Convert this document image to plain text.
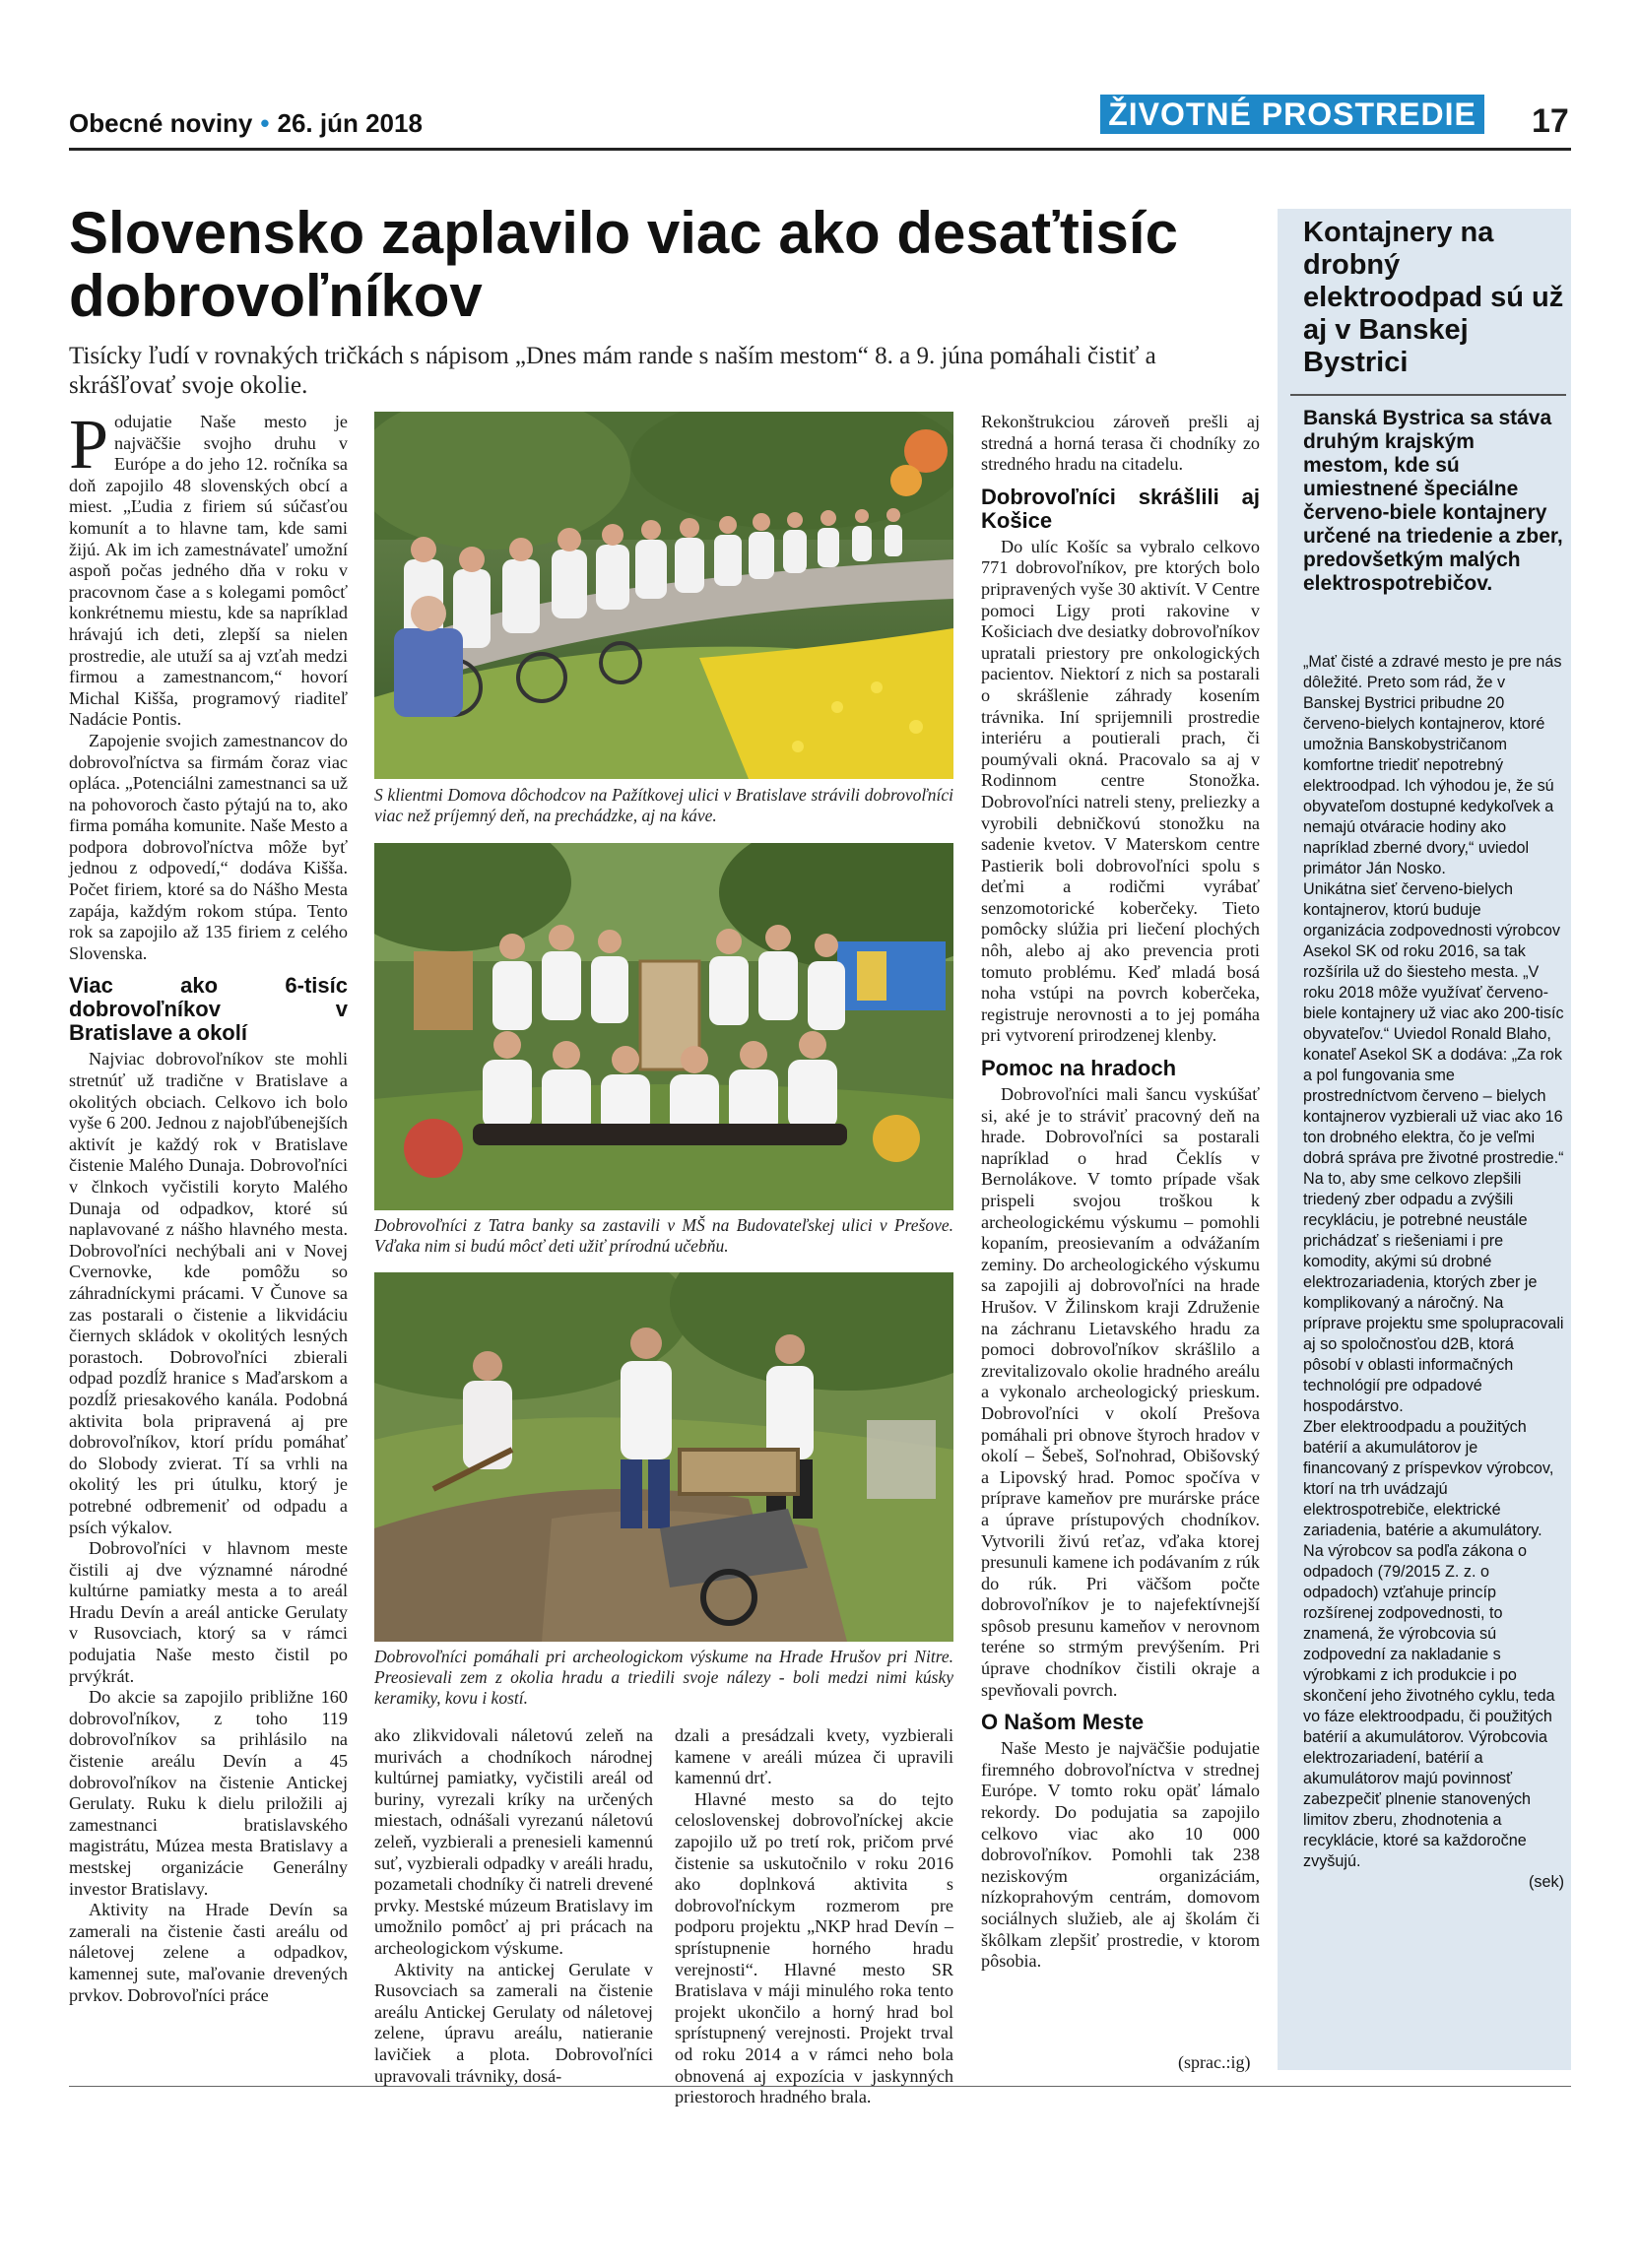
Obecné noviny • 26. jún 2018	ŽIVOTNÉ PROSTREDIE 17
Slovensko zaplavilo viac ako desaťtisíc dobrovoľníkov
Tisícky ľudí v rovnakých tričkách s nápisom „Dnes mám rande s naším mestom“ 8. a 9. júna pomáhali čistiť a skrášľovať svoje okolie.

Podujatie Naše mesto je najväčšie svojho druhu v Európe a do jeho 12. ročníka sa doň zapojilo 48 slovenských obcí a miest. „Ľudia z firiem sú súčasťou komunít a to hlavne tam, kde sami žijú. Ak im ich zamestnávateľ umožní aspoň počas jedného dňa v roku v pracovnom čase a s kolegami pomôcť konkrétnemu miestu, kde sa napríklad hrávajú ich deti, zlepší sa nielen prostredie, ale utuží sa aj vzťah medzi firmou a zamestnancom,“ hovorí Michal Kišša, programový riaditeľ Nadácie Pontis.

Zapojenie svojich zamestnancov do dobrovoľníctva sa firmám čoraz viac opláca. „Potenciálni zamestnanci sa už na pohovoroch často pýtajú na to, ako firma pomáha komunite. Naše Mesto a podpora dobrovoľníctva môže byť jednou z odpovedí,“ dodáva Kišša. Počet firiem, ktoré sa do Nášho Mesta zapája, každým rokom stúpa. Tento rok sa zapojilo až 135 firiem z celého Slovenska.

Viac ako 6-tisíc dobrovoľníkov v Bratislave a okolí

Najviac dobrovoľníkov ste mohli stretnúť už tradične v Bratislave a okolitých obciach. Celkovo ich bolo vyše 6 200. Jednou z najobľúbenejších aktivít je každý rok v Bratislave čistenie Malého Dunaja. Dobrovoľníci v člnkoch vyčistili koryto Malého Dunaja od odpadkov, ktoré sú naplavované z nášho hlavného mesta. Dobrovoľníci nechýbali ani v Novej Cvernovke, kde pomôžu so záhradníckymi prácami. V Čunove sa zas postarali o čistenie a likvidáciu čiernych skládok v okolitých lesných porastoch. Dobrovoľníci zbierali odpad pozdĺž hranice s Maďarskom a pozdĺž priesakového kanála. Podobná aktivita bola pripravená aj pre dobrovoľníkov, ktorí prídu pomáhať do Slobody zvierat. Tí sa vrhli na okolitý les pri útulku, ktorý je potrebné odbremeniť od odpadu a psích výkalov.

Dobrovoľníci v hlavnom meste čistili aj dve významné národné kultúrne pamiatky mesta a to areál Hradu Devín a areál anticke Gerulaty v Rusovciach, ktorý sa v rámci podujatia Naše mesto čistil po prvýkrát.

Do akcie sa zapojilo približne 160 dobrovoľníkov, z toho 119 dobrovoľníkov sa prihlásilo na čistenie areálu Devín a 45 dobrovoľníkov na čistenie Antickej Gerulaty. Ruku k dielu priložili aj zamestnanci bratislavského magistrátu, Múzea mesta Bratislavy a mestskej organizácie Generálny investor Bratislavy.

Aktivity na Hrade Devín sa zamerali na čistenie časti areálu od náletovej zelene a odpadkov, kamennej sute, maľovanie drevených prvkov. Dobrovoľníci práce

S klientmi Domova dôchodcov na Pažítkovej ulici v Bratislave strávili dobrovoľníci viac než príjemný deň, na prechádzke, aj na káve.
Dobrovoľníci z Tatra banky sa zastavili v MŠ na Budovateľskej ulici v Prešove. Vďaka nim si budú môcť deti užiť prírodnú učebňu.
Dobrovoľníci pomáhali pri archeologickom výskume na Hrade Hrušov pri Nitre. Preosievali zem z okolia hradu a triedili svoje nálezy - boli medzi nimi kúsky keramiky, kovu i kostí.

ako zlikvidovali náletovú zeleň na murivách a chodníkoch národnej kultúrnej pamiatky, vyčistili areál od buriny, vyrezali kríky na určených miestach, odnášali vyrezanú náletovú zeleň, vyzbierali a prenesieli kamennú suť, vyzbierali odpadky v areáli hradu, pozametali chodníky či natreli drevené prvky. Mestské múzeum Bratislavy im umožnilo pomôcť aj pri prácach na archeologickom výskume.

Aktivity na antickej Gerulate v Rusovciach sa zamerali na čistenie areálu Antickej Gerulaty od náletovej zelene, úpravu areálu, natieranie lavičiek a plota. Dobrovoľníci upravovali trávniky, dosá-

dzali a presádzali kvety, vyzbierali kamene v areáli múzea či upravili kamennú drť.

Hlavné mesto sa do tejto celoslovenskej dobrovoľníckej akcie zapojilo už po tretí rok, pričom prvé čistenie sa uskutočnilo v roku 2016 ako doplnková aktivita s dobrovoľníckym rozmerom pre podporu projektu „NKP hrad Devín – sprístupnenie horného hradu verejnosti“. Hlavné mesto SR Bratislava v máji minulého roka tento projekt ukončilo a horný hrad bol sprístupnený verejnosti. Projekt trval od roku 2014 a v rámci neho bola obnovená aj expozícia v jaskynných priestoroch hradného brala.

Rekonštrukciou zároveň prešli aj stredná a horná terasa či chodníky zo stredného hradu na citadelu.

Dobrovoľníci skrášlili aj Košice

Do ulíc Košíc sa vybralo celkovo 771 dobrovoľníkov, pre ktorých bolo pripravených vyše 30 aktivít. V Centre pomoci Ligy proti rakovine v Košiciach dve desiatky dobrovoľníkov upratali priestory pre onkologických pacientov. Niektorí z nich sa postarali o skrášlenie záhrady kosením trávnika. Iní sprijemnili prostredie interiéru a poutierali prach, či poumývali okná. Pracovalo sa aj v Rodinnom centre Stonožka. Dobrovoľníci natreli steny, preliezky a vyrobili debničkovú stonožku na sadenie kvetov. V Materskom centre Pastierik boli dobrovoľníci spolu s deťmi a rodičmi vyrábať senzomotorické koberčeky. Tieto pomôcky slúžia pri liečení plochých nôh, alebo aj ako prevencia proti tomuto problému. Keď mladá bosá noha vstúpi na povrch koberčeka, registruje nerovnosti a to jej pomáha pri vytvorení prirodzenej klenby.

Pomoc na hradoch

Dobrovoľníci mali šancu vyskúšať si, aké je to stráviť pracovný deň na hrade. Dobrovoľníci sa postarali napríklad o hrad Čeklís v Bernolákove. V tomto prípade však prispeli svojou troškou k archeologickému výskumu – pomohli kopaním, preosievaním a odvážaním zeminy. Do archeologického výskumu sa zapojili aj dobrovoľníci na hrade Hrušov. V Žilinskom kraji Združenie na záchranu Lietavského hradu za pomoci dobrovoľníkov skrášlilo a zrevitalizovalo okolie hradného areálu a vykonalo archeologický prieskum. Dobrovoľníci v okolí Prešova pomáhali pri obnove štyroch hradov v okolí – Šebeš, Soľnohrad, Obišovský a Lipovský hrad. Pomoc spočíva v príprave kameňov pre murárske práce a úprave prístupových chodníkov. Vytvorili živú reťaz, vďaka ktorej presunuli kamene ich podávaním z rúk do rúk. Pri väčšom počte dobrovoľníkov je to najefektívnejší spôsob presunu kameňov v nerovnom teréne so strmým prevýšením. Pri úprave chodníkov čistili okraje a spevňovali povrch.

O Našom Meste

Naše Mesto je najväčšie podujatie firemného dobrovoľníctva v strednej Európe. V tomto roku opäť lámalo rekordy. Do podujatia sa zapojilo celkovo viac ako 10 000 dobrovoľníkov. Pomohli tak 238 neziskovým organizáciám, nízkoprahovým centrám, domovom sociálnych služieb, ale aj školám či škôlkam zlepšiť prostredie, v ktorom pôsobia.

(sprac.:ig)
Kontajnery na drobný elektroodpad sú už aj v Banskej Bystrici
Banská Bystrica sa stáva druhým krajským mestom, kde sú umiestnené špeciálne červeno-biele kontajnery určené na triedenie a zber, predovšetkým malých elektrospotrebičov.

„Mať čisté a zdravé mesto je pre nás dôležité. Preto som rád, že v Banskej Bystrici pribudne 20 červeno-bielych kontajnerov, ktoré umožnia Banskobystričanom komfortne triediť nepotrebný elektroodpad. Ich výhodou je, že sú obyvateľom dostupné kedykoľvek a nemajú otváracie hodiny ako napríklad zberné dvory,“ uviedol primátor Ján Nosko.

Unikátna sieť červeno-bielych kontajnerov, ktorú buduje organizácia zodpovednosti výrobcov Asekol SK od roku 2016, sa tak rozšírila už do šiesteho mesta. „V roku 2018 môže využívať červeno-biele kontajnery už viac ako 200-tisíc obyvateľov.“ Uviedol Ronald Blaho, konateľ Asekol SK a dodáva: „Za rok a pol fungovania sme prostredníctvom červeno – bielych kontajnerov vyzbierali už viac ako 16 ton drobného elektra, čo je veľmi dobrá správa pre životné prostredie.“

Na to, aby sme celkovo zlepšili triedený zber odpadu a zvýšili recykláciu, je potrebné neustále prichádzať s riešeniami i pre komodity, akými sú drobné elektrozariadenia, ktorých zber je komplikovaný a náročný. Na príprave projektu sme spolupracovali aj so spoločnosťou d2B, ktorá pôsobí v oblasti informačných technológií pre odpadové hospodárstvo.

Zber elektroodpadu a použitých batérií a akumulátorov je financovaný z príspevkov výrobcov, ktorí na trh uvádzajú elektrospotrebiče, elektrické zariadenia, batérie a akumulátory. Na výrobcov sa podľa zákona o odpadoch (79/2015 Z. z. o odpadoch) vzťahuje princíp rozšírenej zodpovednosti, to znamená, že výrobcovia sú zodpovední za nakladanie s výrobkami z ich produkcie i po skončení jeho životného cyklu, teda vo fáze elektroodpadu, či použitých batérií a akumulátorov. Výrobcovia elektrozariadení, batérií a akumulátorov majú povinnosť zabezpečiť plnenie stanovených limitov zberu, zhodnotenia a recyklácie, ktoré sa každoročne zvyšujú.

(sek)
